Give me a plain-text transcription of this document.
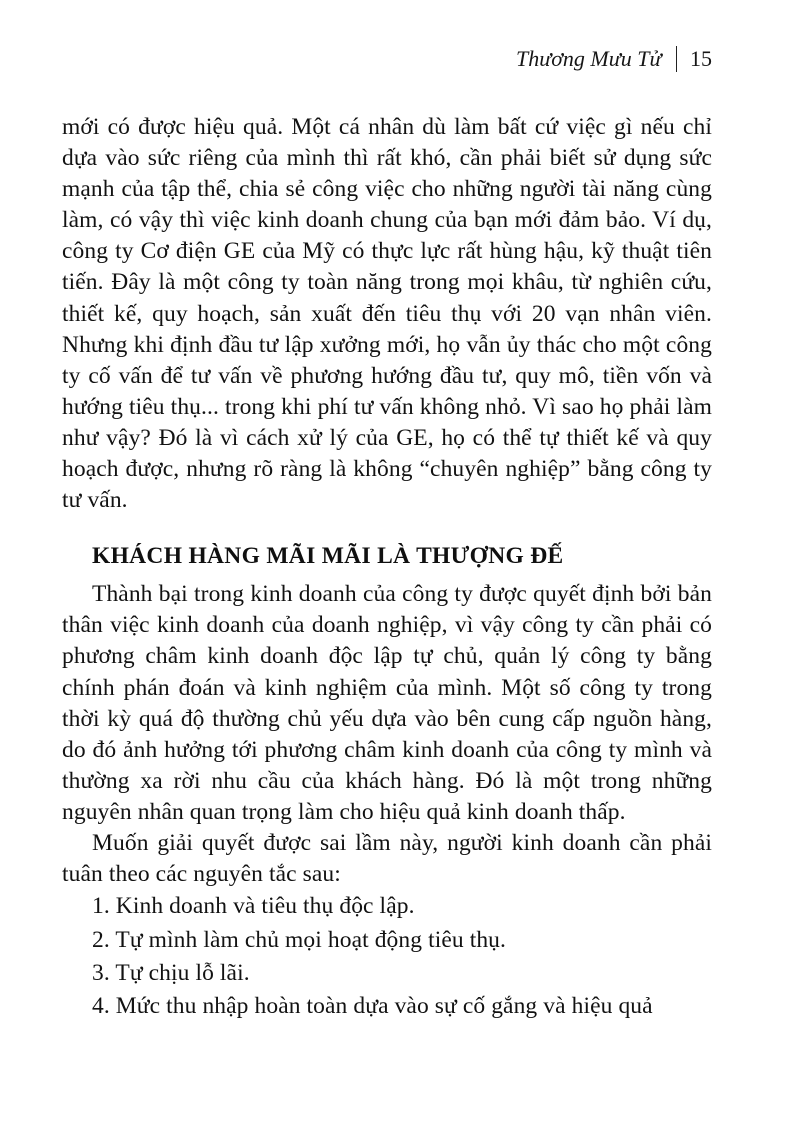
Thương Mưu Tử 15

mới có được hiệu quả. Một cá nhân dù làm bất cứ việc gì nếu chỉ dựa vào sức riêng của mình thì rất khó, cần phải biết sử dụng sức mạnh của tập thể, chia sẻ công việc cho những người tài năng cùng làm, có vậy thì việc kinh doanh chung của bạn mới đảm bảo. Ví dụ, công ty Cơ điện GE của Mỹ có thực lực rất hùng hậu, kỹ thuật tiên tiến. Đây là một công ty toàn năng trong mọi khâu, từ nghiên cứu, thiết kế, quy hoạch, sản xuất đến tiêu thụ với 20 vạn nhân viên. Nhưng khi định đầu tư lập xưởng mới, họ vẫn ủy thác cho một công ty cố vấn để tư vấn về phương hướng đầu tư, quy mô, tiền vốn và hướng tiêu thụ... trong khi phí tư vấn không nhỏ. Vì sao họ phải làm như vậy? Đó là vì cách xử lý của GE, họ có thể tự thiết kế và quy hoạch được, nhưng rõ ràng là không “chuyên nghiệp” bằng công ty tư vấn.

KHÁCH HÀNG MÃI MÃI LÀ THƯỢNG ĐẾ

Thành bại trong kinh doanh của công ty được quyết định bởi bản thân việc kinh doanh của doanh nghiệp, vì vậy công ty cần phải có phương châm kinh doanh độc lập tự chủ, quản lý công ty bằng chính phán đoán và kinh nghiệm của mình. Một số công ty trong thời kỳ quá độ thường chủ yếu dựa vào bên cung cấp nguồn hàng, do đó ảnh hưởng tới phương châm kinh doanh của công ty mình và thường xa rời nhu cầu của khách hàng. Đó là một trong những nguyên nhân quan trọng làm cho hiệu quả kinh doanh thấp.

Muốn giải quyết được sai lầm này, người kinh doanh cần phải tuân theo các nguyên tắc sau:

1. Kinh doanh và tiêu thụ độc lập.

2. Tự mình làm chủ mọi hoạt động tiêu thụ.

3. Tự chịu lỗ lãi.

4. Mức thu nhập hoàn toàn dựa vào sự cố gắng và hiệu quả
